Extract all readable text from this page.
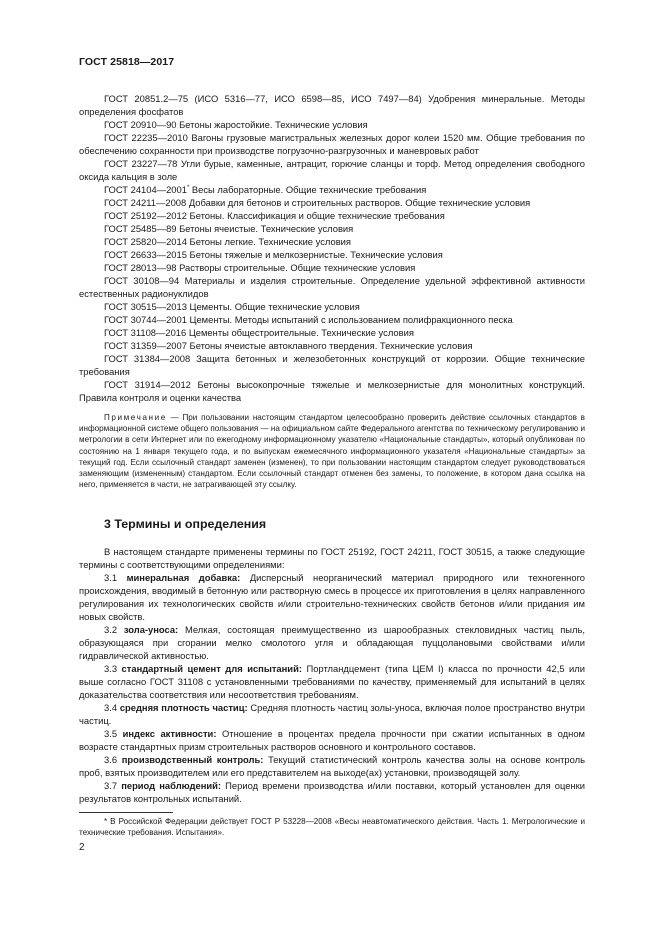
ГОСТ 25818—2017

ГОСТ 20851.2—75 (ИСО 5316—77, ИСО 6598—85, ИСО 7497—84) Удобрения минеральные. Методы определения фосфатов

ГОСТ 20910—90 Бетоны жаростойкие. Технические условия

ГОСТ 22235—2010 Вагоны грузовые магистральных железных дорог колеи 1520 мм. Общие требования по обеспечению сохранности при производстве погрузочно-разгрузочных и маневровых работ

ГОСТ 23227—78 Угли бурые, каменные, антрацит, горючие сланцы и торф. Метод определения свободного оксида кальция в золе

ГОСТ 24104—2001* Весы лабораторные. Общие технические требования

ГОСТ 24211—2008 Добавки для бетонов и строительных растворов. Общие технические условия

ГОСТ 25192—2012 Бетоны. Классификация и общие технические требования

ГОСТ 25485—89 Бетоны ячеистые. Технические условия

ГОСТ 25820—2014 Бетоны легкие. Технические условия

ГОСТ 26633—2015 Бетоны тяжелые и мелкозернистые. Технические условия

ГОСТ 28013—98 Растворы строительные. Общие технические условия

ГОСТ 30108—94 Материалы и изделия строительные. Определение удельной эффективной активности естественных радионуклидов

ГОСТ 30515—2013 Цементы. Общие технические условия

ГОСТ 30744—2001 Цементы. Методы испытаний с использованием полифракционного песка

ГОСТ 31108—2016 Цементы общестроительные. Технические условия

ГОСТ 31359—2007 Бетоны ячеистые автоклавного твердения. Технические условия

ГОСТ 31384—2008 Защита бетонных и железобетонных конструкций от коррозии. Общие технические требования

ГОСТ 31914—2012 Бетоны высокопрочные тяжелые и мелкозернистые для монолитных конструкций. Правила контроля и оценки качества

Примечание — При пользовании настоящим стандартом целесообразно проверить действие ссылочных стандартов в информационной системе общего пользования — на официальном сайте Федерального агентства по техническому регулированию и метрологии в сети Интернет или по ежегодному информационному указателю «Национальные стандарты», который опубликован по состоянию на 1 января текущего года, и по выпускам ежемесячного информационного указателя «Национальные стандарты» за текущий год. Если ссылочный стандарт заменен (изменен), то при пользовании настоящим стандартом следует руководствоваться заменяющим (измененным) стандартом. Если ссылочный стандарт отменен без замены, то положение, в котором дана ссылка на него, применяется в части, не затрагивающей эту ссылку.

3 Термины и определения

В настоящем стандарте применены термины по ГОСТ 25192, ГОСТ 24211, ГОСТ 30515, а также следующие термины с соответствующими определениями:

3.1 минеральная добавка: Дисперсный неорганический материал природного или техногенного происхождения, вводимый в бетонную или растворную смесь в процессе их приготовления в целях направленного регулирования их технологических свойств и/или строительно-технических свойств бетонов и/или придания им новых свойств.

3.2 зола-уноса: Мелкая, состоящая преимущественно из шарообразных стекловидных частиц пыль, образующаяся при сгорании мелко смолотого угля и обладающая пуццолановыми свойствами и/или гидравлической активностью.

3.3 стандартный цемент для испытаний: Портландцемент (типа ЦЕМ I) класса по прочности 42,5 или выше согласно ГОСТ 31108 с установленными требованиями по качеству, применяемый для испытаний в целях доказательства соответствия или несоответствия требованиям.

3.4 средняя плотность частиц: Средняя плотность частиц золы-уноса, включая полое пространство внутри частиц.

3.5 индекс активности: Отношение в процентах предела прочности при сжатии испытанных в одном возрасте стандартных призм строительных растворов основного и контрольного составов.

3.6 производственный контроль: Текущий статистический контроль качества золы на основе контроль проб, взятых производителем или его представителем на выходе(ах) установки, производящей золу.

3.7 период наблюдений: Период времени производства и/или поставки, который установлен для оценки результатов контрольных испытаний.

* В Российской Федерации действует ГОСТ Р 53228—2008 «Весы неавтоматического действия. Часть 1. Метрологические и технические требования. Испытания».

2
